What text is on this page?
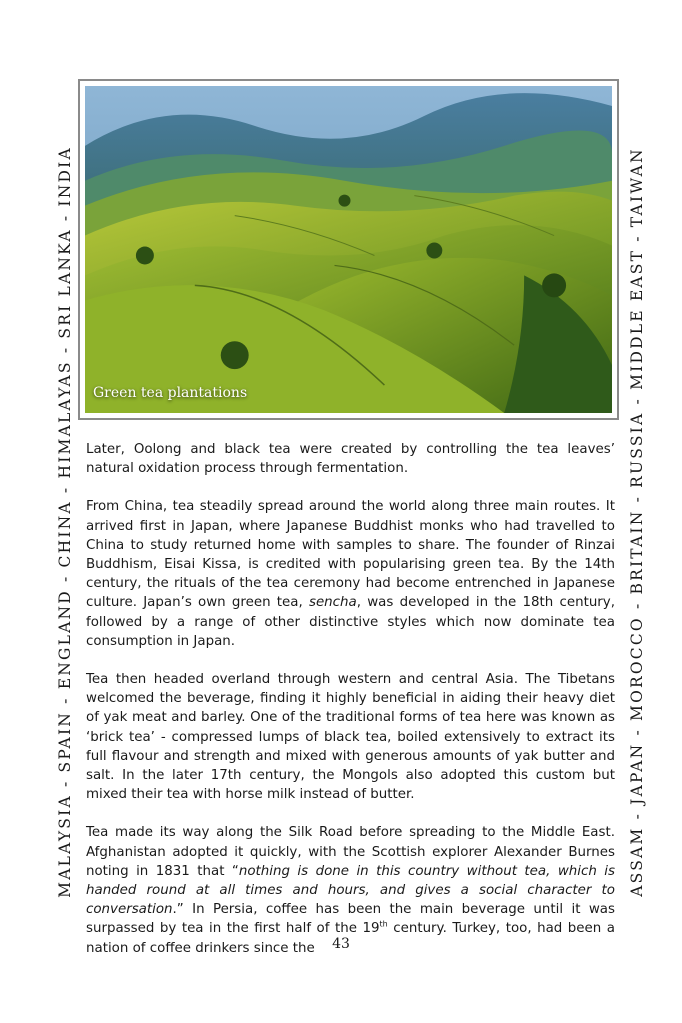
MALAYSIA - SPAIN - ENGLAND - CHINA - HIMALAYAS - SRI LANKA - INDIA	ASSAM - JAPAN - MOROCCO - BRITAIN - RUSSIA - MIDDLE EAST - TAIWAN
Green tea plantations

Later, Oolong and black tea were created by controlling the tea leaves’ natural oxidation process through fermentation.

From China, tea steadily spread around the world along three main routes. It arrived first in Japan, where Japanese Buddhist monks who had travelled to China to study returned home with samples to share. The founder of Rinzai Buddhism, Eisai Kissa, is credited with popularising green tea. By the 14th century, the rituals of the tea ceremony had become entrenched in Japanese culture. Japan’s own green tea, sencha, was developed in the 18th century, followed by a range of other distinctive styles which now dominate tea consumption in Japan.

Tea then headed overland through western and central Asia. The Tibetans welcomed the beverage, finding it highly beneficial in aiding their heavy diet of yak meat and barley. One of the traditional forms of tea here was known as ‘brick tea’ - compressed lumps of black tea, boiled extensively to extract its full flavour and strength and mixed with generous amounts of yak butter and salt. In the later 17th century, the Mongols also adopted this custom but mixed their tea with horse milk instead of butter.

Tea made its way along the Silk Road before spreading to the Middle East. Afghanistan adopted it quickly, with the Scottish explorer Alexander Burnes noting in 1831 that “nothing is done in this country without tea, which is handed round at all times and hours, and gives a social character to conversation.” In Persia, coffee has been the main beverage until it was surpassed by tea in the first half of the 19th century. Turkey, too, had been a nation of coffee drinkers since the	43
